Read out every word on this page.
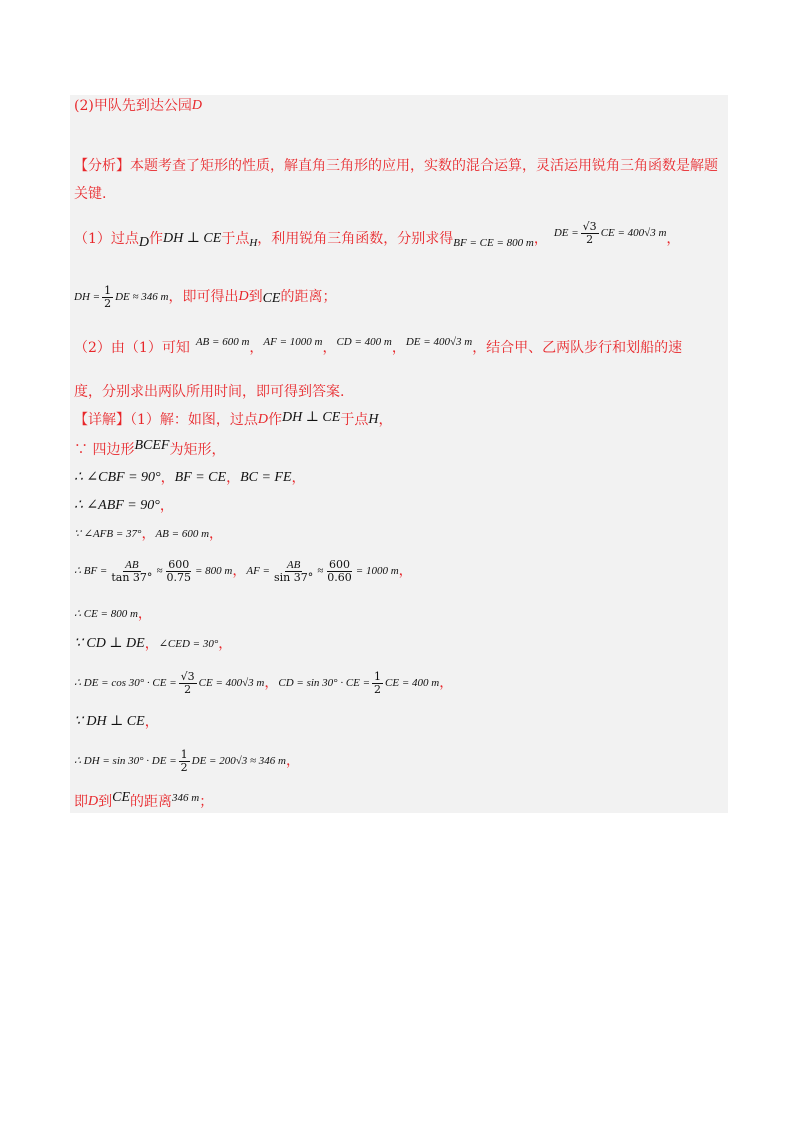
(2)甲队先到达公园 D
【分析】本题考查了矩形的性质，解直角三角形的应用，实数的混合运算，灵活运用锐角三角函数是解题
关键.
（1）过点 D 作 DH ⊥ CE 于点 H ，利用锐角三角函数，分别求得 BF = CE = 800 m ， DE = $\frac{√3}{2}$ CE = 400√3 m ，
DH = $\frac{1}{2}$ DE ≈ 346 m ，即可得出 D 到 CE 的距离；
（2）由（1）可知 AB = 600 m ， AF = 1000 m ， CD = 400 m ， DE = 400√3 m ，结合甲、乙两队步行和划船的速
度，分别求出两队所用时间，即可得到答案.
【详解】（1）解：如图，过点 D 作 DH ⊥ CE 于点 H ，
∵ 四边形 BCEF 为矩形，
∴ ∠CBF = 90° ， BF = CE ， BC = FE ，
∴ ∠ABF = 90° ，
∵ ∠AFB = 37° ， AB = 600 m ，
∴ BF = $\frac{AB}{\tan 37^\circ} \approx \frac{600}{0.75} = 800$ m ， AF = $\frac{AB}{\sin 37^\circ} \approx \frac{600}{0.60} = 1000$ m ，
∴ CE = 800 m ，
∵ CD ⊥ DE ， ∠CED = 30° ，
∴ DE = cos 30° · CE = $\frac{√3}{2}$ CE = 400√3 m ， CD = sin 30° · CE = $\frac{1}{2}$ CE = 400 m ，
∵ DH ⊥ CE ，
∴ DH = sin 30° · DE = $\frac{1}{2}$ DE = 200√3 ≈ 346 m ，
即 D 到 CE 的距离 346 m ；
